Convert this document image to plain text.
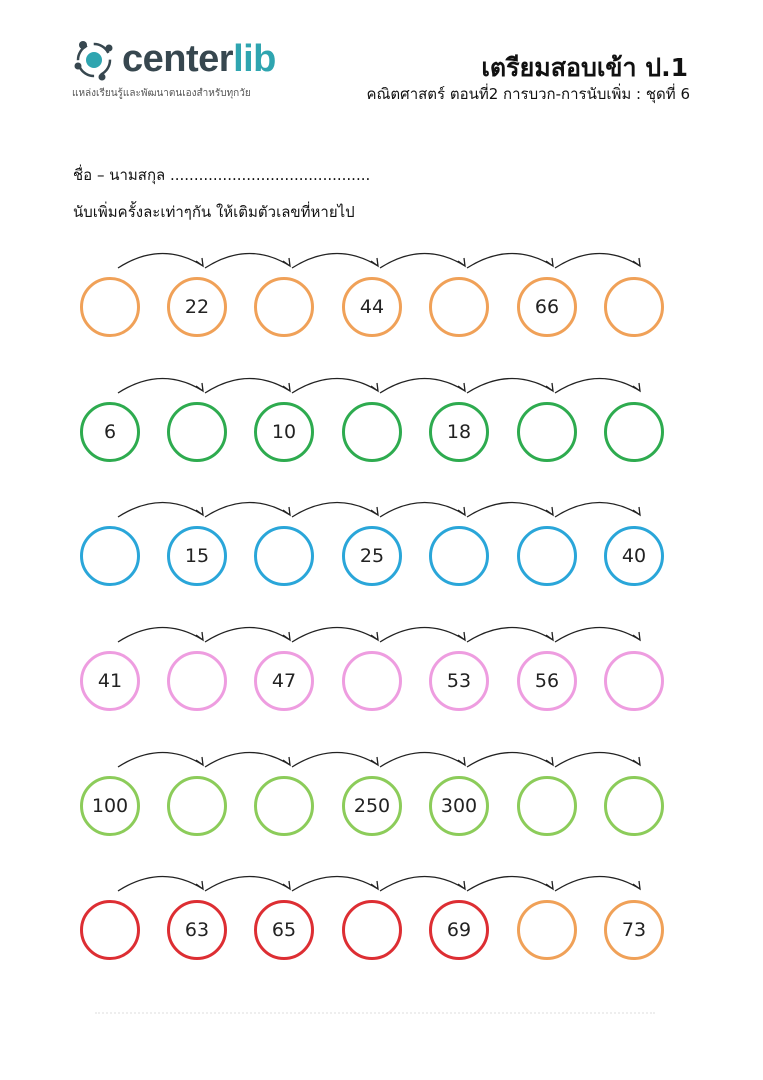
centerlib
แหล่งเรียนรู้และพัฒนาตนเองสำหรับทุกวัย
เตรียมสอบเข้า ป.1
คณิตศาสตร์ ตอนที่2 การบวก-การนับเพิ่ม : ชุดที่ 6
ชื่อ – นามสกุล ..........................................
นับเพิ่มครั้งละเท่าๆกัน ให้เติมตัวเลขที่หายไป
22	44	66
6	10	18
15	25	40
41	47	53	56
100	250	300
63	65	69	73
